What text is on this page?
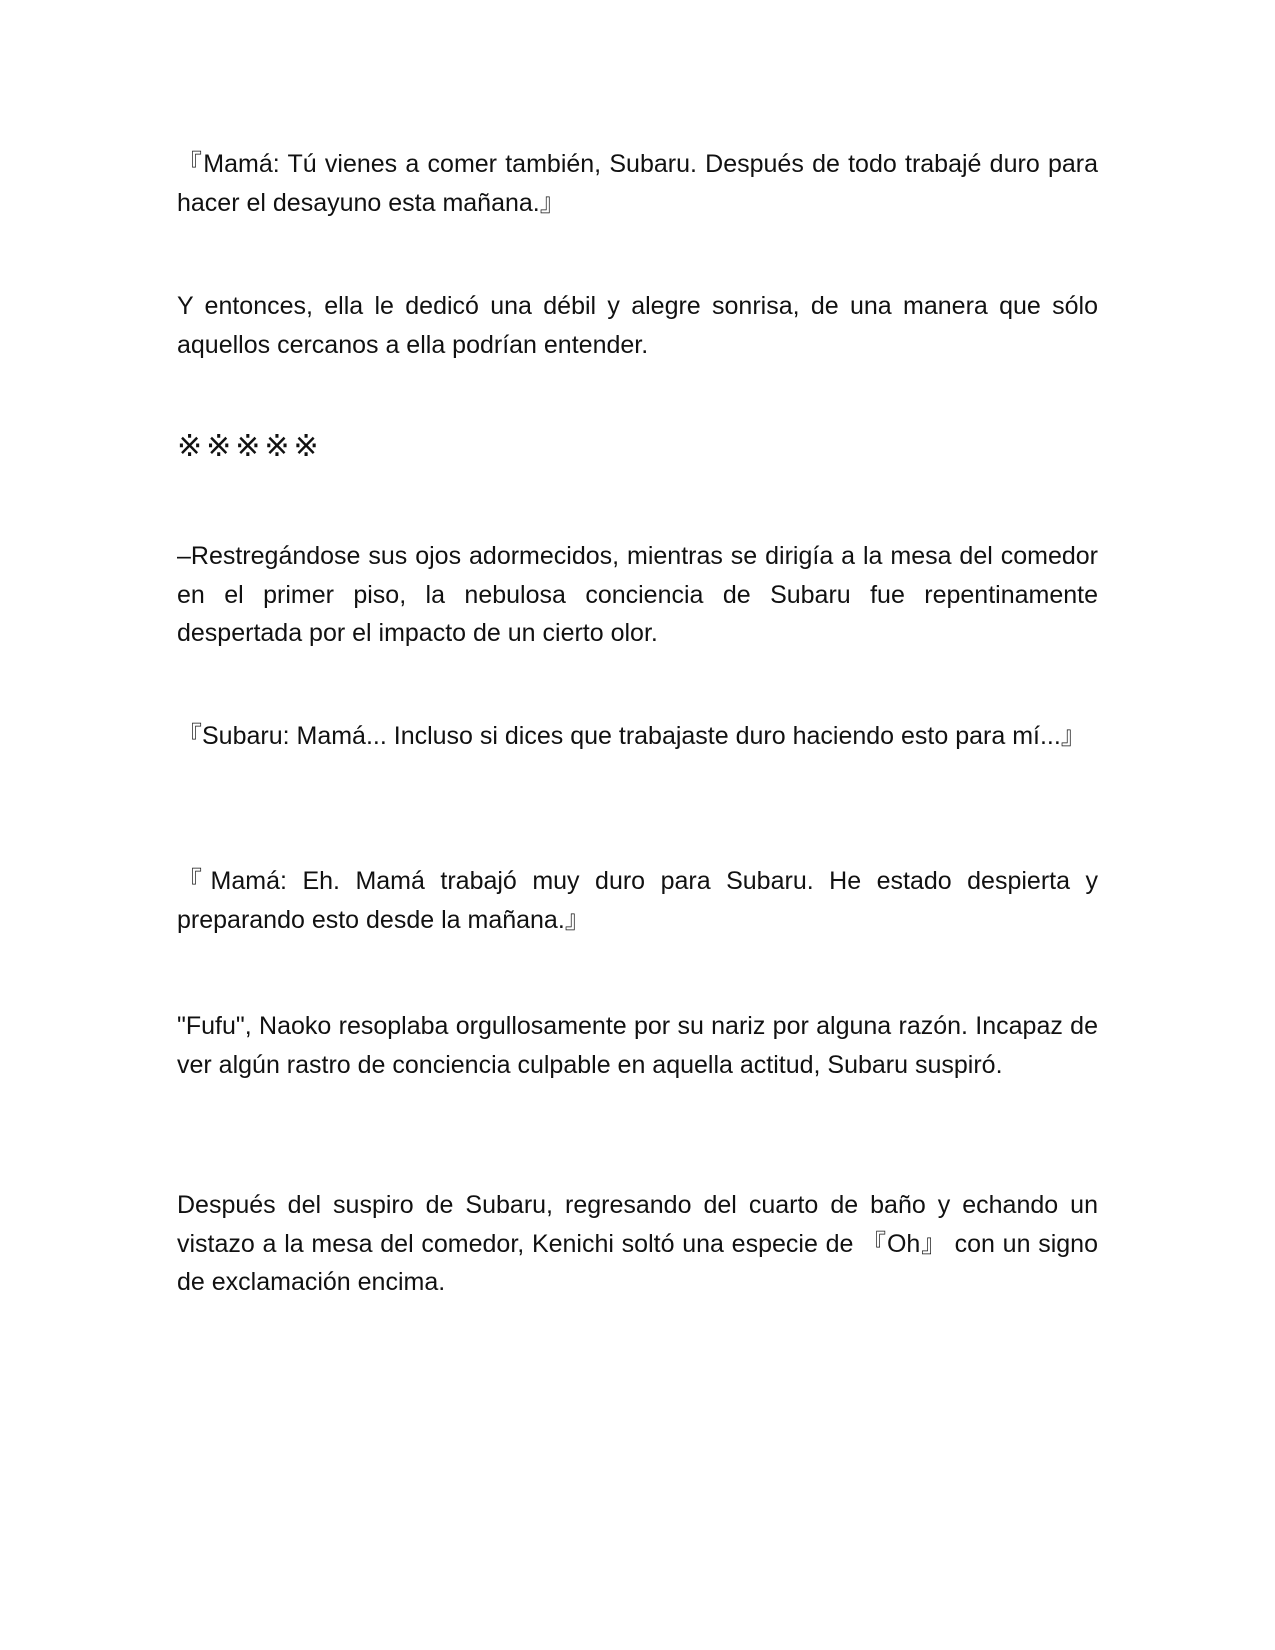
『Mamá: Tú vienes a comer también, Subaru. Después de todo trabajé duro para hacer el desayuno esta mañana.』

Y entonces, ella le dedicó una débil y alegre sonrisa, de una manera que sólo aquellos cercanos a ella podrían entender.

※※※※※

–Restregándose sus ojos adormecidos, mientras se dirigía a la mesa del comedor en el primer piso, la nebulosa conciencia de Subaru fue repentinamente despertada por el impacto de un cierto olor.

『Subaru: Mamá... Incluso si dices que trabajaste duro haciendo esto para mí...』

『Mamá: Eh. Mamá trabajó muy duro para Subaru. He estado despierta y preparando esto desde la mañana.』

"Fufu", Naoko resoplaba orgullosamente por su nariz por alguna razón. Incapaz de ver algún rastro de conciencia culpable en aquella actitud, Subaru suspiró.

Después del suspiro de Subaru, regresando del cuarto de baño y echando un vistazo a la mesa del comedor, Kenichi soltó una especie de 『Oh』 con un signo de exclamación encima.
